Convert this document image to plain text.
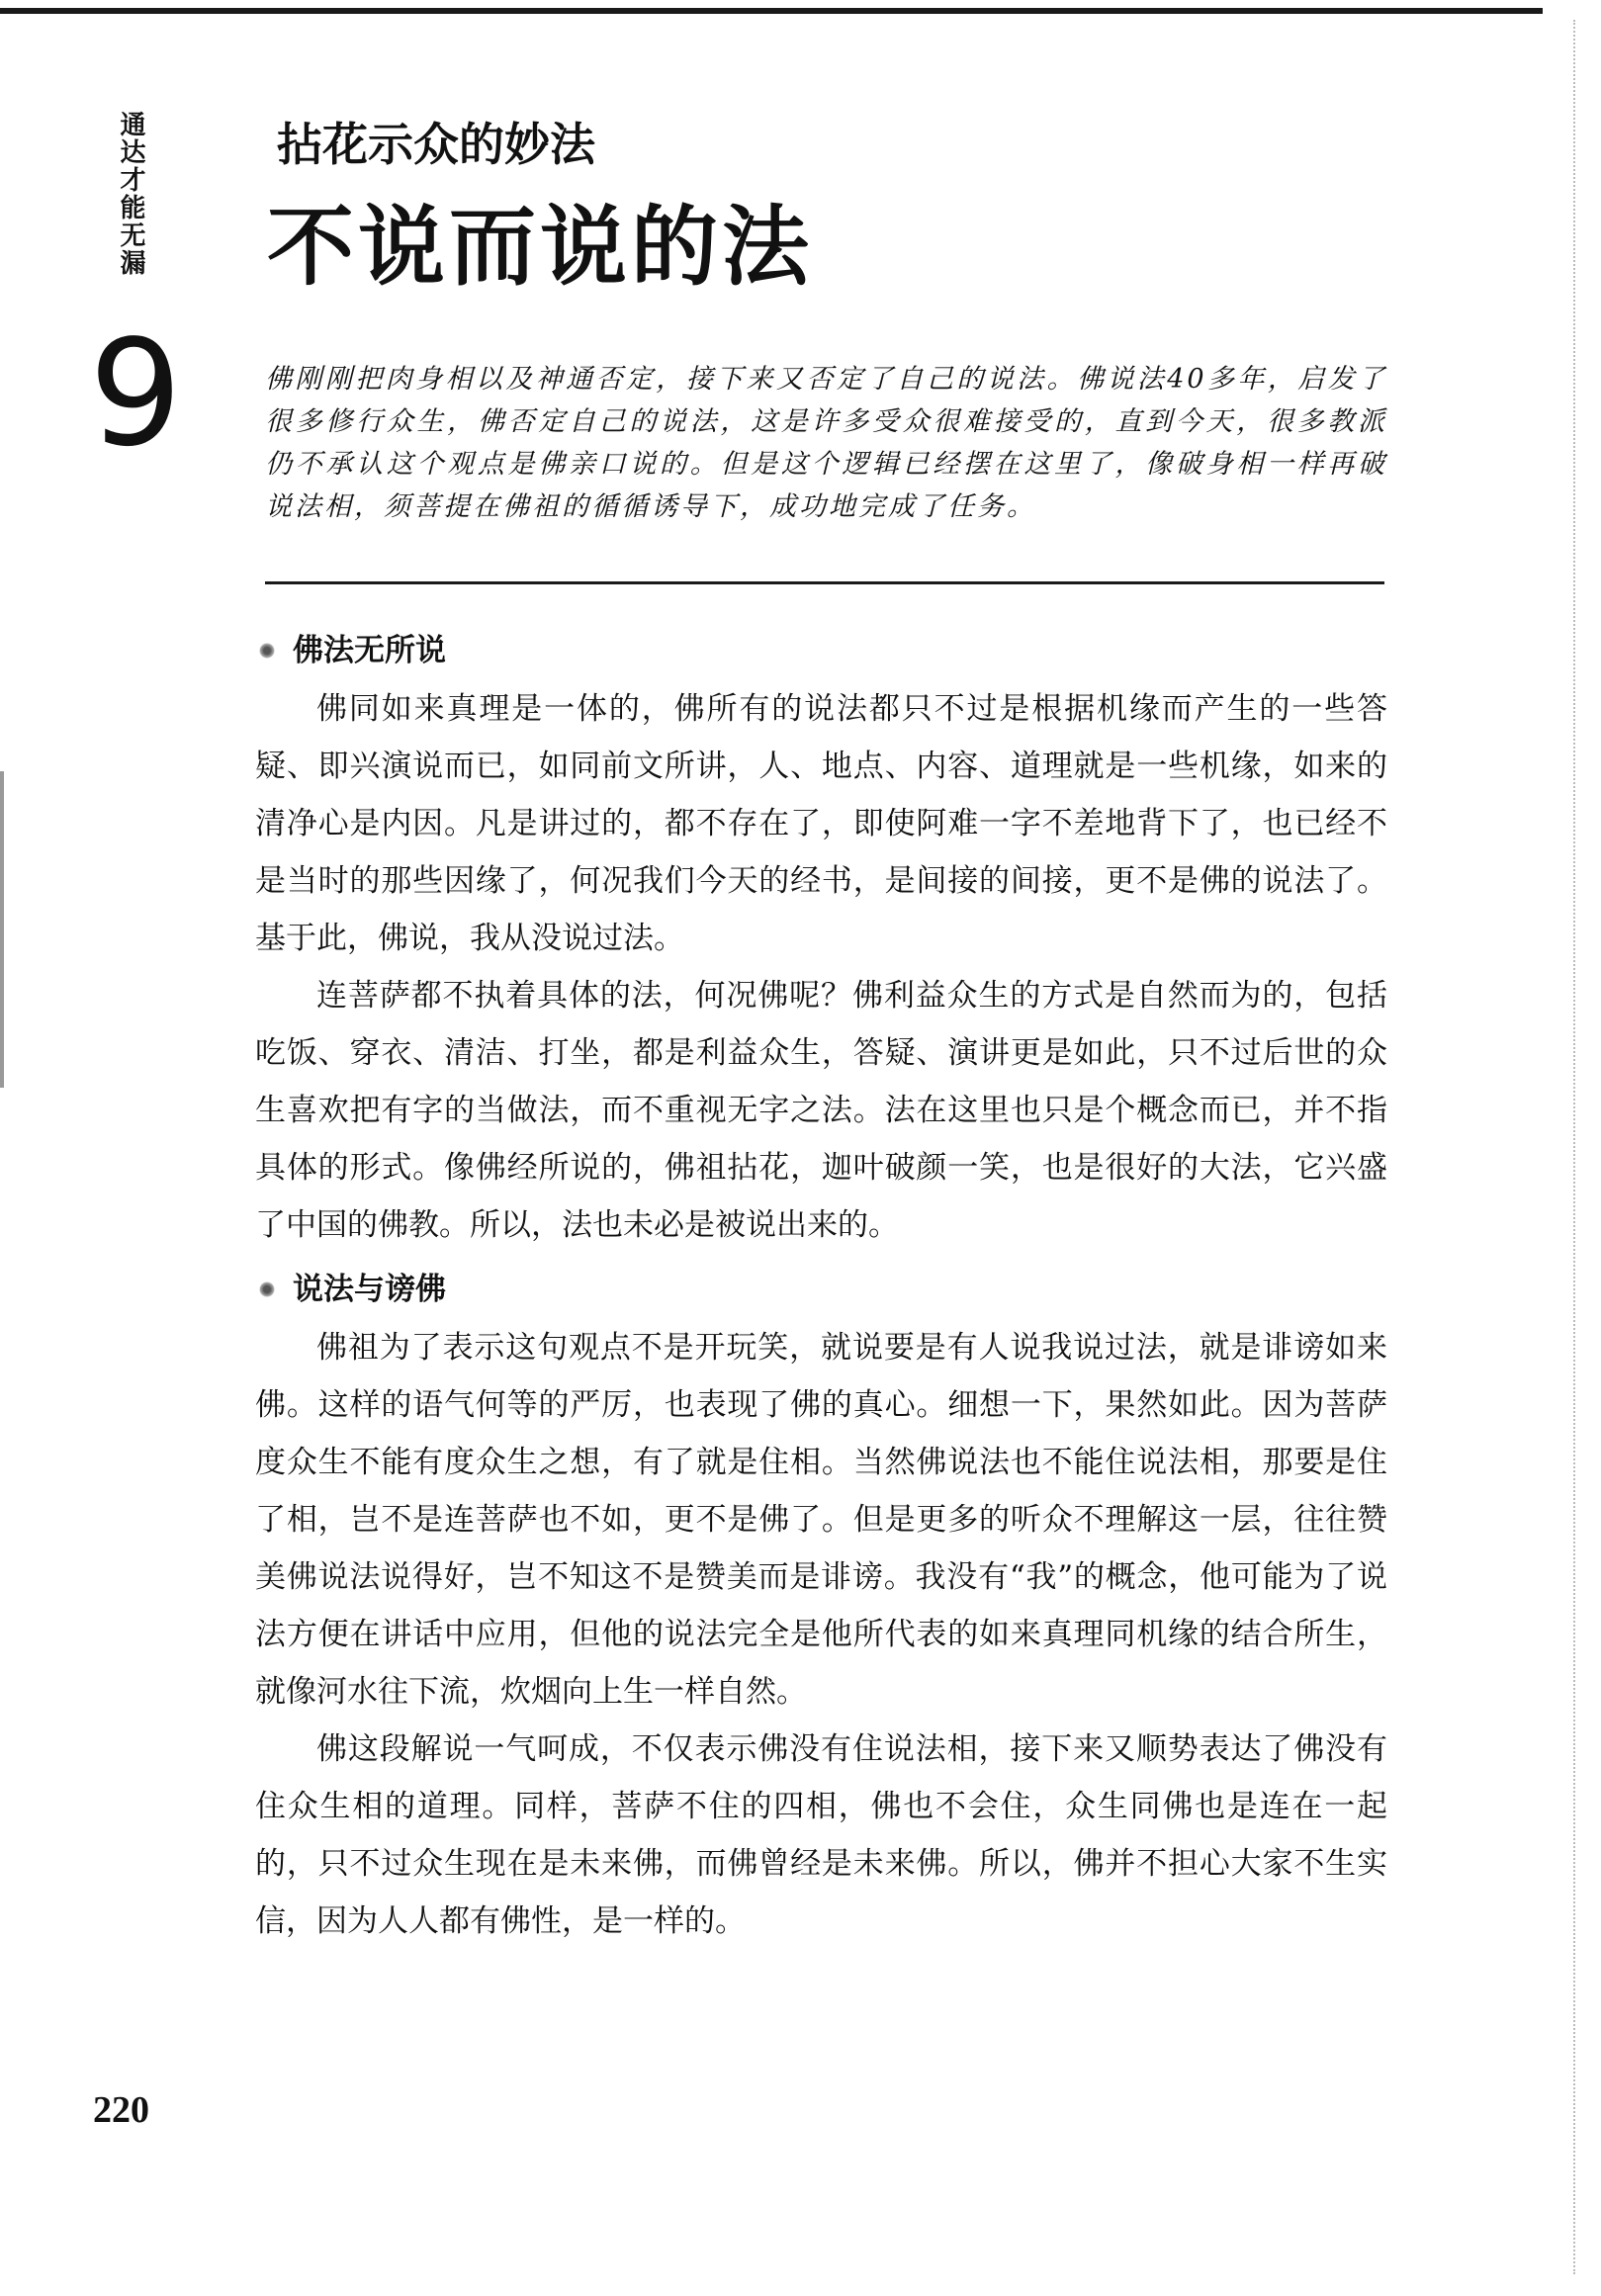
通达才能无漏
9
拈花示众的妙法
不说而说的法
佛刚刚把肉身相以及神通否定，接下来又否定了自己的说法。佛说法40多年，启发了很多修行众生，佛否定自己的说法，这是许多受众很难接受的，直到今天，很多教派仍不承认这个观点是佛亲口说的。但是这个逻辑已经摆在这里了，像破身相一样再破说法相，须菩提在佛祖的循循诱导下，成功地完成了任务。
佛法无所说

佛同如来真理是一体的，佛所有的说法都只不过是根据机缘而产生的一些答疑、即兴演说而已，如同前文所讲，人、地点、内容、道理就是一些机缘，如来的清净心是内因。凡是讲过的，都不存在了，即使阿难一字不差地背下了，也已经不是当时的那些因缘了，何况我们今天的经书，是间接的间接，更不是佛的说法了。基于此，佛说，我从没说过法。

连菩萨都不执着具体的法，何况佛呢？佛利益众生的方式是自然而为的，包括吃饭、穿衣、清洁、打坐，都是利益众生，答疑、演讲更是如此，只不过后世的众生喜欢把有字的当做法，而不重视无字之法。法在这里也只是个概念而已，并不指具体的形式。像佛经所说的，佛祖拈花，迦叶破颜一笑，也是很好的大法，它兴盛了中国的佛教。所以，法也未必是被说出来的。

说法与谤佛

佛祖为了表示这句观点不是开玩笑，就说要是有人说我说过法，就是诽谤如来佛。这样的语气何等的严厉，也表现了佛的真心。细想一下，果然如此。因为菩萨度众生不能有度众生之想，有了就是住相。当然佛说法也不能住说法相，那要是住了相，岂不是连菩萨也不如，更不是佛了。但是更多的听众不理解这一层，往往赞美佛说法说得好，岂不知这不是赞美而是诽谤。我没有“我”的概念，他可能为了说法方便在讲话中应用，但他的说法完全是他所代表的如来真理同机缘的结合所生，就像河水往下流，炊烟向上生一样自然。

佛这段解说一气呵成，不仅表示佛没有住说法相，接下来又顺势表达了佛没有住众生相的道理。同样，菩萨不住的四相，佛也不会住，众生同佛也是连在一起的，只不过众生现在是未来佛，而佛曾经是未来佛。所以，佛并不担心大家不生实信，因为人人都有佛性，是一样的。

220
